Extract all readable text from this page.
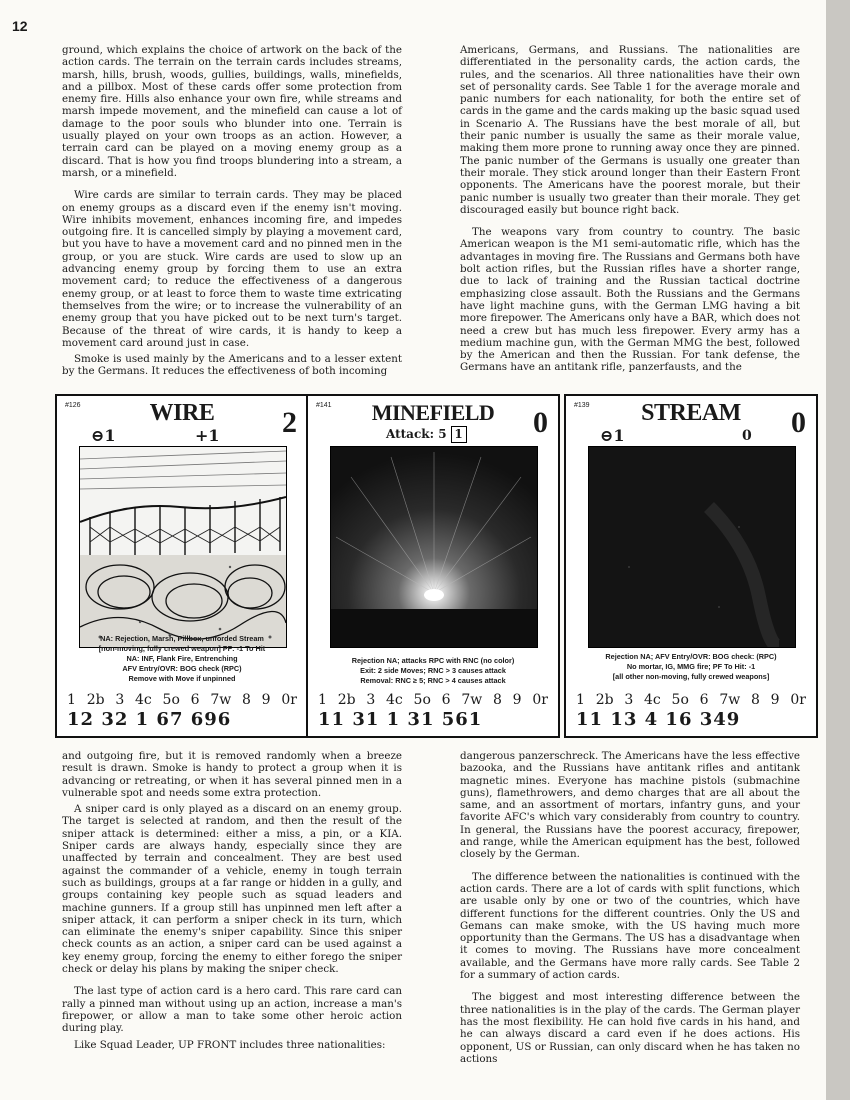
12

ground, which explains the choice of artwork on the back of the action cards. The terrain on the terrain cards includes streams, marsh, hills, brush, woods, gullies, buildings, walls, minefields, and a pillbox. Most of these cards offer some protection from enemy fire. Hills also enhance your own fire, while streams and marsh impede movement, and the minefield can cause a lot of damage to the poor souls who blunder into one. Terrain is usually played on your own troops as an action. However, a terrain card can be played on a moving enemy group as a discard. That is how you find troops blundering into a stream, a marsh, or a minefield.

Wire cards are similar to terrain cards. They may be placed on enemy groups as a discard even if the enemy isn't moving. Wire inhibits movement, enhances incoming fire, and impedes outgoing fire. It is cancelled simply by playing a movement card, but you have to have a movement card and no pinned men in the group, or you are stuck. Wire cards are used to slow up an advancing enemy group by forcing them to use an extra movement card; to reduce the effectiveness of a dangerous enemy group, or at least to force them to waste time extricating themselves from the wire; or to increase the vulnerability of an enemy group that you have picked out to be next turn's target. Because of the threat of wire cards, it is handy to keep a movement card around just in case.

Smoke is used mainly by the Americans and to a lesser extent by the Germans. It reduces the effectiveness of both incoming

Americans, Germans, and Russians. The nationalities are differentiated in the personality cards, the action cards, the rules, and the scenarios. All three nationalities have their own set of personality cards. See Table 1 for the average morale and panic numbers for each nationality, for both the entire set of cards in the game and the cards making up the basic squad used in Scenario A. The Russians have the best morale of all, but their panic number is usually the same as their morale value, making them more prone to running away once they are pinned. The panic number of the Germans is usually one greater than their morale. They stick around longer than their Eastern Front opponents. The Americans have the poorest morale, but their panic number is usually two greater than their morale. They get discouraged easily but bounce right back.

The weapons vary from country to country. The basic American weapon is the M1 semi-automatic rifle, which has the advantages in moving fire. The Russians and Germans both have bolt action rifles, but the Russian rifles have a shorter range, due to lack of training and the Russian tactical doctrine emphasizing close assault. Both the Russians and the Germans have light machine guns, with the German LMG having a bit more firepower. The Americans only have a BAR, which does not need a crew but has much less firepower. Every army has a medium machine gun, with the German MMG the best, followed by the American and then the Russian. For tank defense, the Germans have an antitank rifle, panzerfausts, and the

#126	WIRE	2
⊖1	+1
NA: Rejection, Marsh, Pillbox, unforded Stream
[non-moving, fully crewed weapon] PF: -1 To Hit
NA: INF, Flank Fire, Entrenching
AFV Entry/OVR: BOG check (RPC)
Remove with Move if unpinned
1 2b 3 4c 5o 6 7w 8 9 0r
12 32 1 67 696
#141	MINEFIELD	0
Attack: 5 1
Rejection NA; attacks RPC with RNC (no color)
Exit: 2 side Moves; RNC > 3 causes attack
Removal: RNC ≥ 5; RNC > 4 causes attack
1 2b 3 4c 5o 6 7w 8 9 0r
11 31 1 31 561
#139	STREAM	0
⊖1	0
Rejection NA; AFV Entry/OVR: BOG check: (RPC)
No mortar, IG, MMG fire; PF To Hit: -1
[all other non-moving, fully crewed weapons]
1 2b 3 4c 5o 6 7w 8 9 0r
11 13 4 16 349

and outgoing fire, but it is removed randomly when a breeze result is drawn. Smoke is handy to protect a group when it is advancing or retreating, or when it has several pinned men in a vulnerable spot and needs some extra protection.

A sniper card is only played as a discard on an enemy group. The target is selected at random, and then the result of the sniper attack is determined: either a miss, a pin, or a KIA. Sniper cards are always handy, especially since they are unaffected by terrain and concealment. They are best used against the commander of a vehicle, enemy in tough terrain such as buildings, groups at a far range or hidden in a gully, and groups containing key people such as squad leaders and machine gunners. If a group still has unpinned men left after a sniper attack, it can perform a sniper check in its turn, which can eliminate the enemy's sniper capability. Since this sniper check counts as an action, a sniper card can be used against a key enemy group, forcing the enemy to either forego the sniper check or delay his plans by making the sniper check.

The last type of action card is a hero card. This rare card can rally a pinned man without using up an action, increase a man's firepower, or allow a man to take some other heroic action during play.

Like Squad Leader, UP FRONT includes three nationalities:

dangerous panzerschreck. The Americans have the less effective bazooka, and the Russians have antitank rifles and antitank magnetic mines. Everyone has machine pistols (submachine guns), flamethrowers, and demo charges that are all about the same, and an assortment of mortars, infantry guns, and your favorite AFC's which vary considerably from country to country. In general, the Russians have the poorest accuracy, firepower, and range, while the American equipment has the best, followed closely by the German.

The difference between the nationalities is continued with the action cards. There are a lot of cards with split functions, which are usable only by one or two of the countries, which have different functions for the different countries. Only the US and Gemans can make smoke, with the US having much more opportunity than the Germans. The US has a disadvantage when it comes to moving. The Russians have more concealment available, and the Germans have more rally cards. See Table 2 for a summary of action cards.

The biggest and most interesting difference between the three nationalities is in the play of the cards. The German player has the most flexibility. He can hold five cards in his hand, and he can always discard a card even if he does actions. His opponent, US or Russian, can only discard when he has taken no actions
